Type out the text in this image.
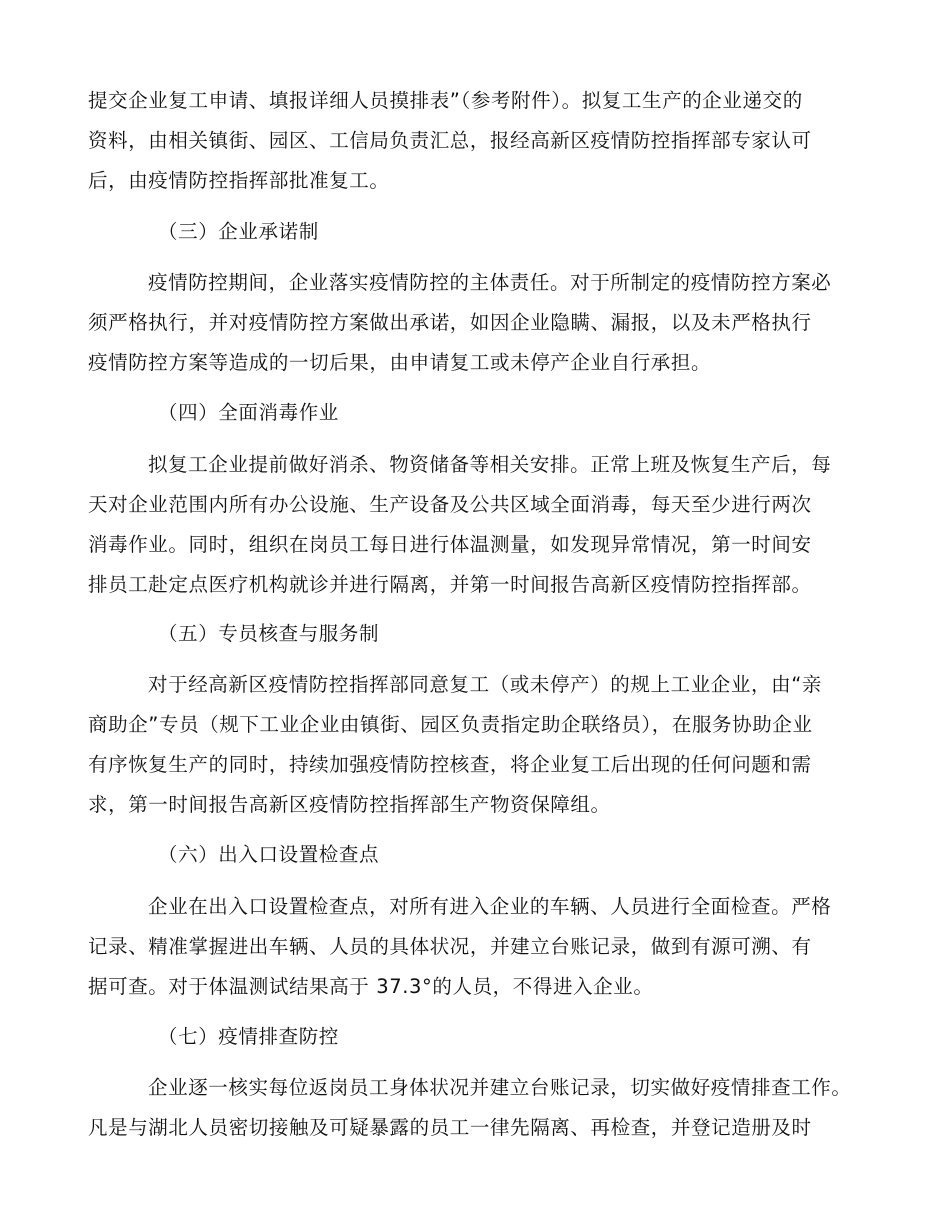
提交企业复工申请、填报详细人员摸排表”（参考附件）。拟复工生产的企业递交的
资料，由相关镇街、园区、工信局负责汇总，报经高新区疫情防控指挥部专家认可
后，由疫情防控指挥部批准复工。
（三）企业承诺制
疫情防控期间，企业落实疫情防控的主体责任。对于所制定的疫情防控方案必
须严格执行，并对疫情防控方案做出承诺，如因企业隐瞒、漏报，以及未严格执行
疫情防控方案等造成的一切后果，由申请复工或未停产企业自行承担。
（四）全面消毒作业
拟复工企业提前做好消杀、物资储备等相关安排。正常上班及恢复生产后，每
天对企业范围内所有办公设施、生产设备及公共区域全面消毒，每天至少进行两次
消毒作业。同时，组织在岗员工每日进行体温测量，如发现异常情况，第一时间安
排员工赴定点医疗机构就诊并进行隔离，并第一时间报告高新区疫情防控指挥部。
（五）专员核查与服务制
对于经高新区疫情防控指挥部同意复工（或未停产）的规上工业企业，由“亲
商助企”专员（规下工业企业由镇街、园区负责指定助企联络员），在服务协助企业
有序恢复生产的同时，持续加强疫情防控核查，将企业复工后出现的任何问题和需
求，第一时间报告高新区疫情防控指挥部生产物资保障组。
（六）出入口设置检查点
企业在出入口设置检查点，对所有进入企业的车辆、人员进行全面检查。严格
记录、精准掌握进出车辆、人员的具体状况，并建立台账记录，做到有源可溯、有
据可查。对于体温测试结果高于 37.3°的人员，不得进入企业。
（七）疫情排查防控
企业逐一核实每位返岗员工身体状况并建立台账记录，切实做好疫情排查工作。
凡是与湖北人员密切接触及可疑暴露的员工一律先隔离、再检查，并登记造册及时
